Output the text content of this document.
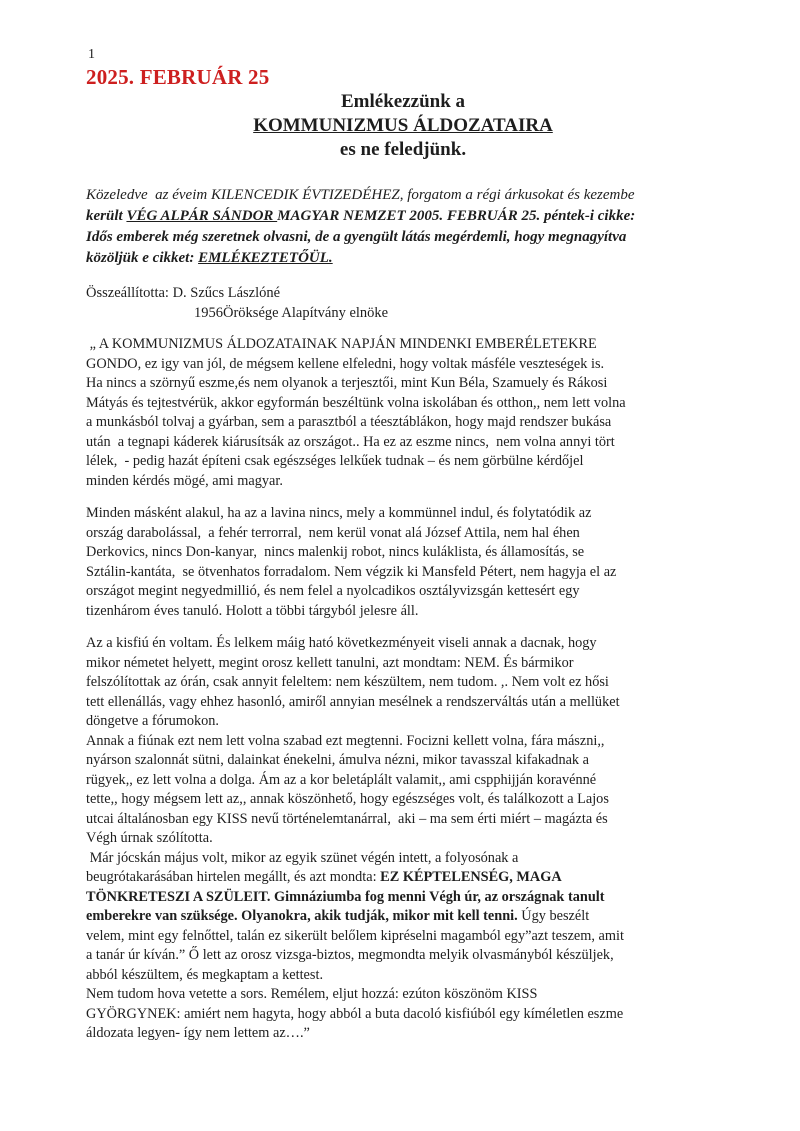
1
2025. FEBRUÁR 25
Emlékezzünk a
KOMMUNIZMUS ÁLDOZATAIRA
es ne feledjünk.
Közeledve  az éveim KILENCEDIK ÉVTIZEDÉHEZ, forgatom a régi árkusokat és kezembe
került VÉG ALPÁR SÁNDOR MAGYAR NEMZET 2005. FEBRUÁR 25. péntek-i cikke:
Idős emberek még szeretnek olvasni, de a gyengült látás megérdemli, hogy megnagyítva
közöljük e cikket: EMLÉKEZTETŐÜL.
Összeállította: D. Szűcs Lászlóné
1956Öröksége Alapítvány elnöke
„ A KOMMUNIZMUS ÁLDOZATAINAK NAPJÁN MINDENKI EMBERÉLETEKRE
GONDO, ez igy van jól, de mégsem kellene elfeledni, hogy voltak másféle veszteségek is.
Ha nincs a szörnyű eszme,és nem olyanok a terjesztői, mint Kun Béla, Szamuely és Rákosi
Mátyás és tejtestvérük, akkor egyformán beszéltünk volna iskolában és otthon,, nem lett volna
a munkásból tolvaj a gyárban, sem a parasztból a téesztáblákon, hogy majd rendszer bukása
után  a tegnapi káderek kiárusítsák az országot.. Ha ez az eszme nincs,  nem volna annyi tört
lélek,  - pedig hazát építeni csak egészséges lelkűek tudnak – és nem görbülne kérdőjel
minden kérdés mögé, ami magyar.
Minden másként alakul, ha az a lavina nincs, mely a kommünnel indul, és folytatódik az
ország darabolással,  a fehér terrorral,  nem kerül vonat alá József Attila, nem hal éhen
Derkovics, nincs Don-kanyar,  nincs malenkij robot, nincs kuláklista, és államosítás, se
Sztálin-kantáta,  se ötvenhatos forradalom. Nem végzik ki Mansfeld Pétert, nem hagyja el az
országot megint negyedmillió, és nem felel a nyolcadikos osztályvizsgán kettesért egy
tizenhárom éves tanuló. Holott a többi tárgyból jelesre áll.
Az a kisfiú én voltam. És lelkem máig ható következményeit viseli annak a dacnak, hogy
mikor németet helyett, megint orosz kellett tanulni, azt mondtam: NEM. És bármikor
felszólítottak az órán, csak annyit feleltem: nem készültem, nem tudom. ,. Nem volt ez hősi
tett ellenállás, vagy ehhez hasonló, amiről annyian mesélnek a rendszerváltás után a mellüket
döngetve a fórumokon.
Annak a fiúnak ezt nem lett volna szabad ezt megtenni. Focizni kellett volna, fára mászni,,
nyárson szalonnát sütni, dalainkat énekelni, ámulva nézni, mikor tavasszal kifakadnak a
rügyek,, ez lett volna a dolga. Ám az a kor beletáplált valamit,, ami cspphijján koravénné
tette,, hogy mégsem lett az,, annak köszönhető, hogy egészséges volt, és találkozott a Lajos
utcai általánosban egy KISS nevű történelemtanárral,  aki – ma sem érti miért – magázta és
Végh úrnak szólította.
Már jócskán május volt, mikor az egyik szünet végén intett, a folyosónak a
beugrótakarásában hirtelen megállt, és azt mondta: EZ KÉPTELENSÉG, MAGA
TÖNKRETESZI A SZÜLEIT. Gimnáziumba fog menni Végh úr, az országnak tanult
emberekre van szüksége. Olyanokra, akik tudják, mikor mit kell tenni. Úgy beszélt
velem, mint egy felnőttel, talán ez sikerült belőlem kipréselni magamból egy”azt teszem, amit
a tanár úr kíván.” Ő lett az orosz vizsga-biztos, megmondta melyik olvasmányból készüljek,
abból készültem, és megkaptam a kettest.
Nem tudom hova vetette a sors. Remélem, eljut hozzá: ezúton köszönöm KISS
GYÖRGYNEK: amiért nem hagyta, hogy abból a buta dacoló kisfiúból egy kíméletlen eszme
áldozata legyen- így nem lettem az….”
